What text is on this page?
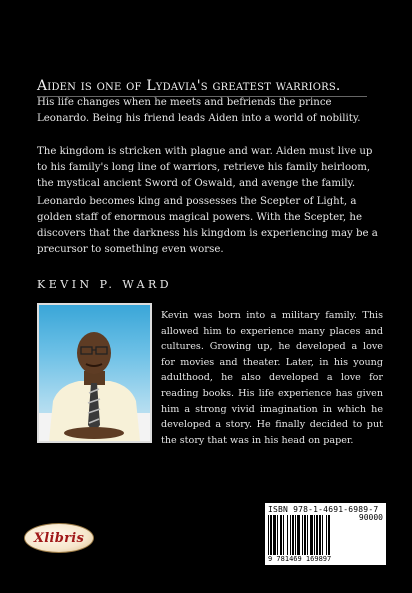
Aiden is one of Lydavia's greatest warriors.

His life changes when he meets and befriends the prince Leonardo. Being his friend leads Aiden into a world of nobility.

The kingdom is stricken with plague and war. Aiden must live up to his family's long line of warriors, retrieve his family heirloom, the mystical ancient Sword of Oswald, and avenge the family.

Leonardo becomes king and possesses the Scepter of Light, a golden staff of enormous magical powers. With the Scepter, he discovers that the darkness his kingdom is experiencing may be a precursor to something even worse.

KEVIN P. WARD

Kevin was born into a military family. This allowed him to experience many places and cultures. Growing up, he developed a love for movies and theater. Later, in his young adulthood, he also developed a love for reading books. His life experience has given him a strong vivid imagination in which he developed a story. He finally decided to put the story that was in his head on paper.

Xlibris
ISBN 978-1-4691-6989-7
90000
9 781469 169897
